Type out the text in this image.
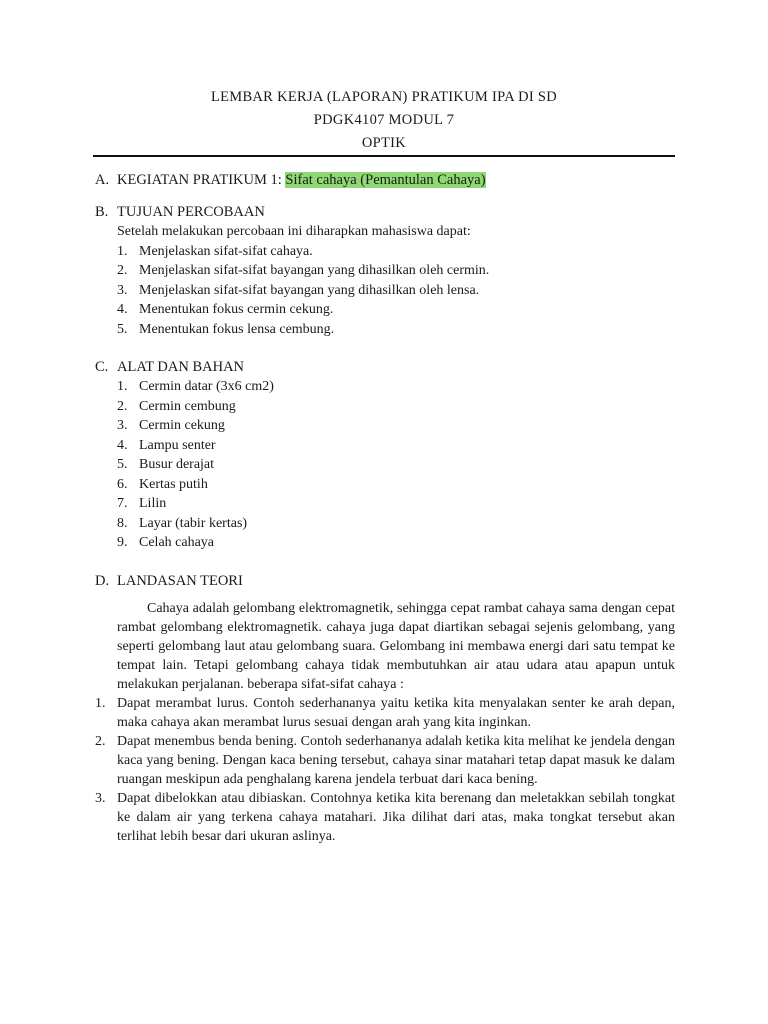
LEMBAR KERJA (LAPORAN) PRATIKUM IPA DI SD
PDGK4107 MODUL 7
OPTIK
A. KEGIATAN PRATIKUM 1: Sifat cahaya (Pemantulan Cahaya)
B. TUJUAN PERCOBAAN
Setelah melakukan percobaan ini diharapkan mahasiswa dapat:
1. Menjelaskan sifat-sifat cahaya.
2. Menjelaskan sifat-sifat bayangan yang dihasilkan oleh cermin.
3. Menjelaskan sifat-sifat bayangan yang dihasilkan oleh lensa.
4. Menentukan fokus cermin cekung.
5. Menentukan fokus lensa cembung.
C. ALAT DAN BAHAN
1. Cermin datar (3x6 cm2)
2. Cermin cembung
3. Cermin cekung
4. Lampu senter
5. Busur derajat
6. Kertas putih
7. Lilin
8. Layar (tabir kertas)
9. Celah cahaya
D. LANDASAN TEORI
Cahaya adalah gelombang elektromagnetik, sehingga cepat rambat cahaya sama dengan cepat rambat gelombang elektromagnetik. cahaya juga dapat diartikan sebagai sejenis gelombang, yang seperti gelombang laut atau gelombang suara. Gelombang ini membawa energi dari satu tempat ke tempat lain. Tetapi gelombang cahaya tidak membutuhkan air atau udara atau apapun untuk melakukan perjalanan. beberapa sifat-sifat cahaya :
1. Dapat merambat lurus. Contoh sederhananya yaitu ketika kita menyalakan senter ke arah depan, maka cahaya akan merambat lurus sesuai dengan arah yang kita inginkan.
2. Dapat menembus benda bening. Contoh sederhananya adalah ketika kita melihat ke jendela dengan kaca yang bening. Dengan kaca bening tersebut, cahaya sinar matahari tetap dapat masuk ke dalam ruangan meskipun ada penghalang karena jendela terbuat dari kaca bening.
3. Dapat dibelokkan atau dibiaskan. Contohnya ketika kita berenang dan meletakkan sebilah tongkat ke dalam air yang terkena cahaya matahari. Jika dilihat dari atas, maka tongkat tersebut akan terlihat lebih besar dari ukuran aslinya.
